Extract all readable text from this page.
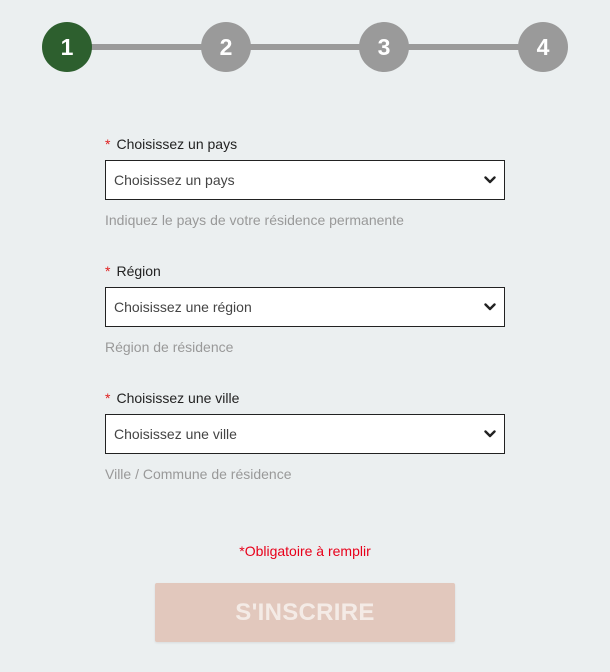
1	2	3	4
* Choisissez un pays
Choisissez un pays
Indiquez le pays de votre résidence permanente
* Région
Choisissez une région
Région de résidence
* Choisissez une ville
Choisissez une ville
Ville / Commune de résidence
*Obligatoire à remplir
S'INSCRIRE
